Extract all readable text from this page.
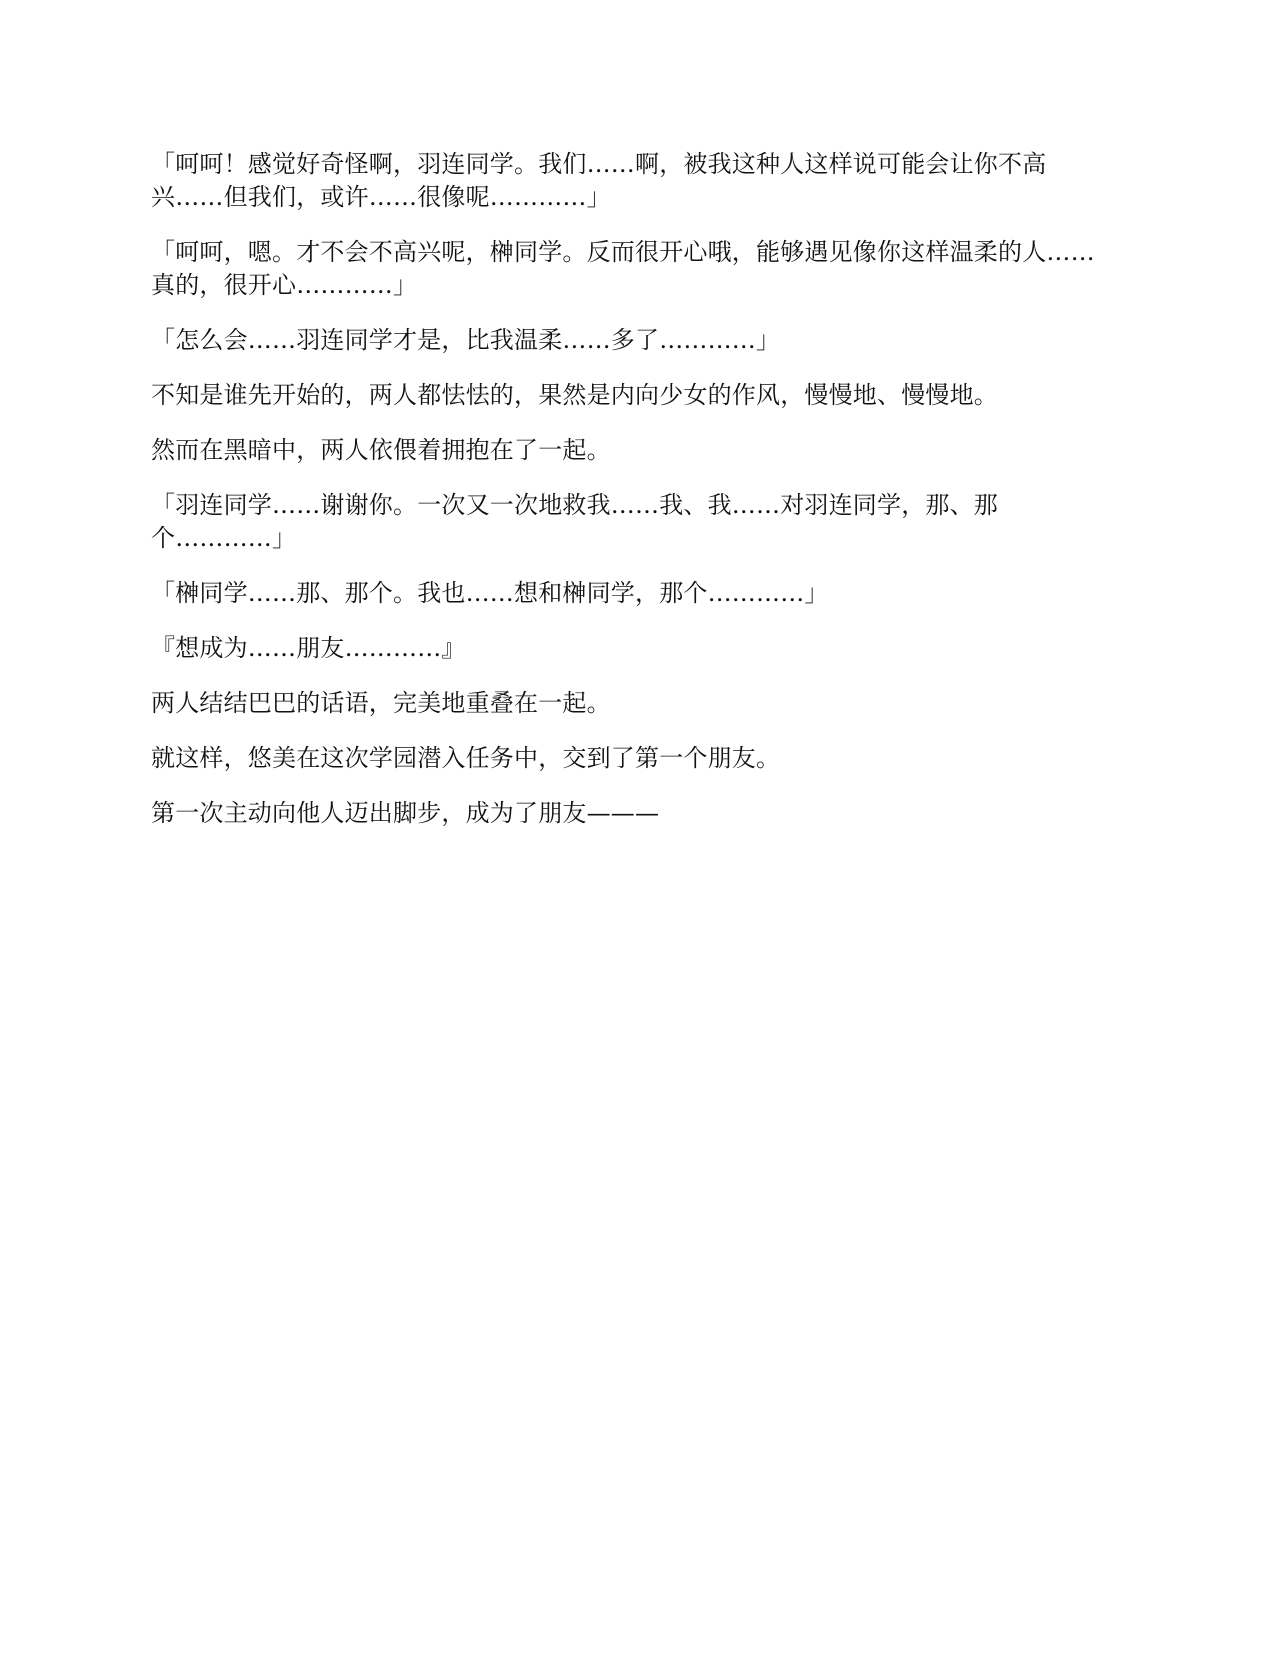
「呵呵！感觉好奇怪啊，羽连同学。我们……啊，被我这种人这样说可能会让你不高兴……但我们，或许……很像呢…………」

「呵呵，嗯。才不会不高兴呢，榊同学。反而很开心哦，能够遇见像你这样温柔的人……真的，很开心…………」

「怎么会……羽连同学才是，比我温柔……多了…………」

不知是谁先开始的，两人都怯怯的，果然是内向少女的作风，慢慢地、慢慢地。

然而在黑暗中，两人依偎着拥抱在了一起。

「羽连同学……谢谢你。一次又一次地救我……我、我……对羽连同学，那、那个…………」

「榊同学……那、那个。我也……想和榊同学，那个…………」

『想成为……朋友…………』

两人结结巴巴的话语，完美地重叠在一起。

就这样，悠美在这次学园潜入任务中，交到了第一个朋友。

第一次主动向他人迈出脚步，成为了朋友———
